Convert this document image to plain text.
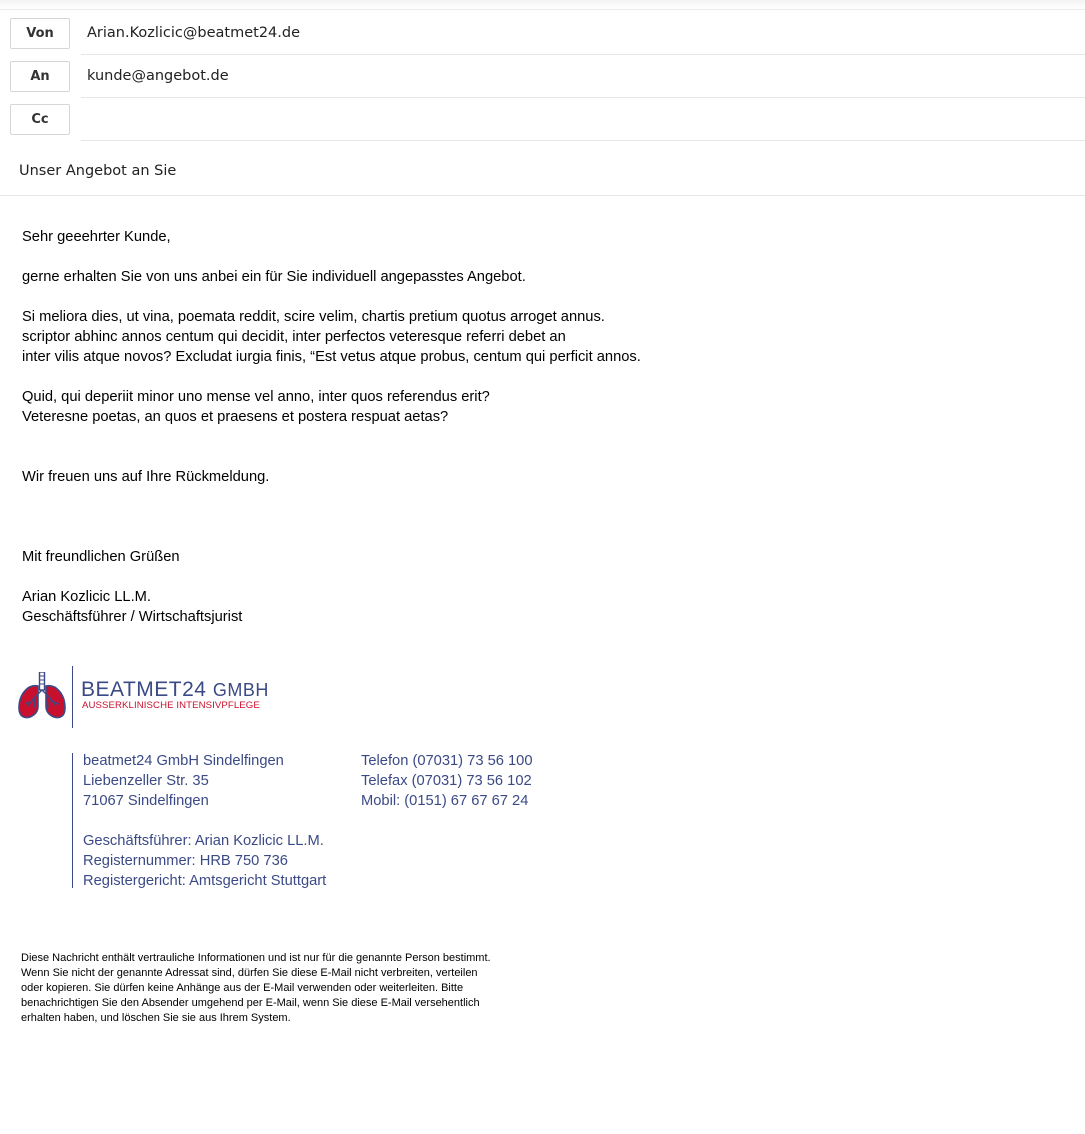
Von	Arian.Kozlicic@beatmet24.de
An	kunde@angebot.de
Cc
Unser Angebot an Sie

Sehr geeehrter Kunde,

gerne erhalten Sie von uns anbei ein für Sie individuell angepasstes Angebot.

Si meliora dies, ut vina, poemata reddit, scire velim, chartis pretium quotus arroget annus.

scriptor abhinc annos centum qui decidit, inter perfectos veteresque referri debet an

inter vilis atque novos? Excludat iurgia finis, “Est vetus atque probus, centum qui perficit annos.

Quid, qui deperiit minor uno mense vel anno, inter quos referendus erit?

Veteresne poetas, an quos et praesens et postera respuat aetas?

Wir freuen uns auf Ihre Rückmeldung.

Mit freundlichen Grüßen

Arian Kozlicic LL.M.

Geschäftsführer / Wirtschaftsjurist

BEATMET24 GMBH
AUSSERKLINISCHE INTENSIVPFLEGE
beatmet24 GmbH Sindelfingen
Liebenzeller Str. 35
71067 Sindelfingen
Geschäftsführer: Arian Kozlicic LL.M.
Registernummer: HRB 750 736
Registergericht: Amtsgericht Stuttgart
Telefon (07031) 73 56 100
Telefax (07031) 73 56 102
Mobil: (0151) 67 67 67 24
Diese Nachricht enthält vertrauliche Informationen und ist nur für die genannte Person bestimmt.
Wenn Sie nicht der genannte Adressat sind, dürfen Sie diese E-Mail nicht verbreiten, verteilen
oder kopieren. Sie dürfen keine Anhänge aus der E-Mail verwenden oder weiterleiten. Bitte
benachrichtigen Sie den Absender umgehend per E-Mail, wenn Sie diese E-Mail versehentlich
erhalten haben, und löschen Sie sie aus Ihrem System.
